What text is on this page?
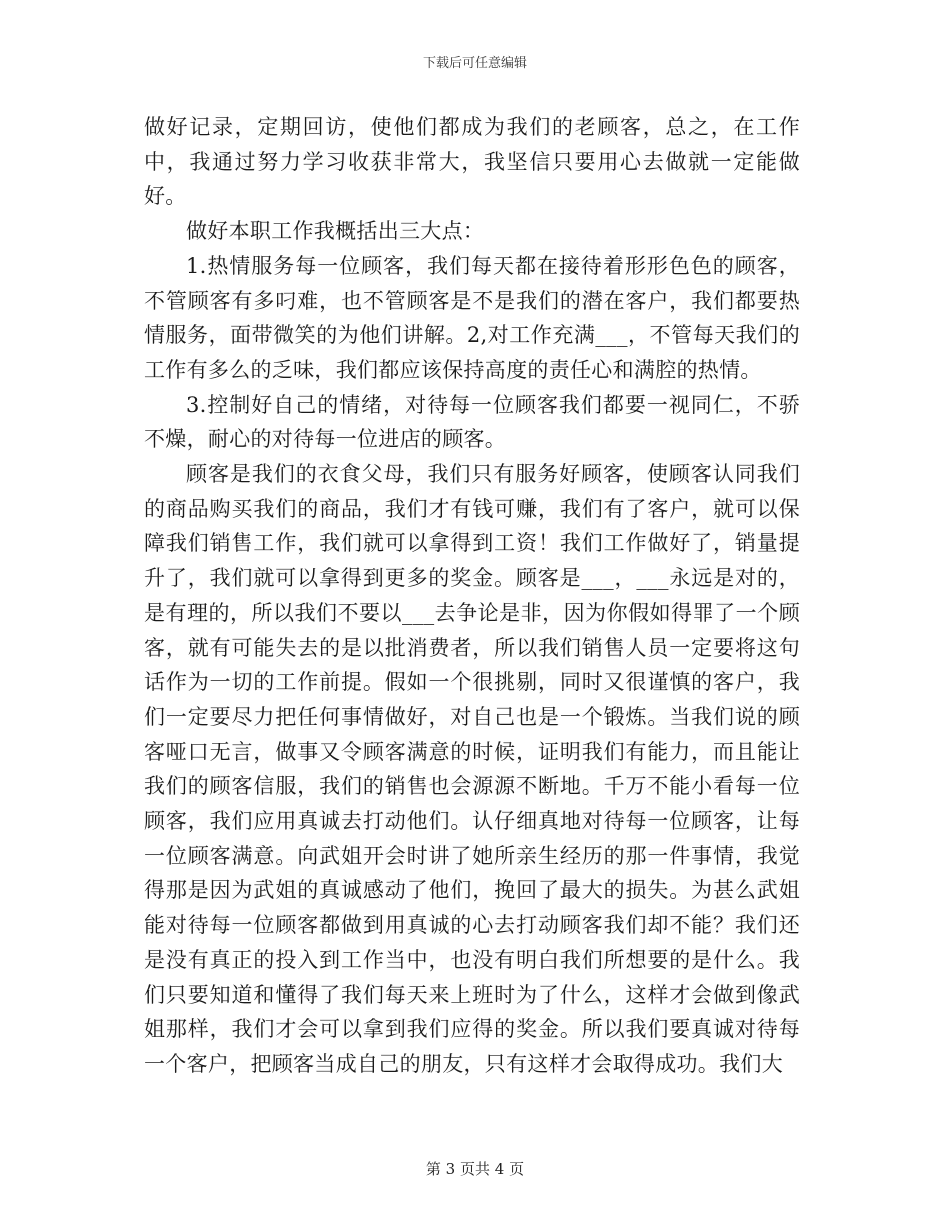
下载后可任意编辑

做好记录，定期回访，使他们都成为我们的老顾客，总之，在工作中，我通过努力学习收获非常大，我坚信只要用心去做就一定能做好。

做好本职工作我概括出三大点：

1.热情服务每一位顾客，我们每天都在接待着形形色色的顾客，不管顾客有多叼难，也不管顾客是不是我们的潜在客户，我们都要热情服务，面带微笑的为他们讲解。2,对工作充满___，不管每天我们的工作有多么的乏味，我们都应该保持高度的责任心和满腔的热情。

3.控制好自己的情绪，对待每一位顾客我们都要一视同仁，不骄不燥，耐心的对待每一位进店的顾客。

顾客是我们的衣食父母，我们只有服务好顾客，使顾客认同我们的商品购买我们的商品，我们才有钱可赚，我们有了客户，就可以保障我们销售工作，我们就可以拿得到工资！我们工作做好了，销量提升了，我们就可以拿得到更多的奖金。顾客是___，___永远是对的，是有理的，所以我们不要以___去争论是非，因为你假如得罪了一个顾客，就有可能失去的是以批消费者，所以我们销售人员一定要将这句话作为一切的工作前提。假如一个很挑剔，同时又很谨慎的客户，我们一定要尽力把任何事情做好，对自己也是一个锻炼。当我们说的顾客哑口无言，做事又令顾客满意的时候，证明我们有能力，而且能让我们的顾客信服，我们的销售也会源源不断地。千万不能小看每一位顾客，我们应用真诚去打动他们。认仔细真地对待每一位顾客，让每一位顾客满意。向武姐开会时讲了她所亲生经历的那一件事情，我觉得那是因为武姐的真诚感动了他们，挽回了最大的损失。为甚么武姐能对待每一位顾客都做到用真诚的心去打动顾客我们却不能？我们还是没有真正的投入到工作当中，也没有明白我们所想要的是什么。我们只要知道和懂得了我们每天来上班时为了什么，这样才会做到像武姐那样，我们才会可以拿到我们应得的奖金。所以我们要真诚对待每一个客户，把顾客当成自己的朋友，只有这样才会取得成功。我们大

第 3 页共 4 页
